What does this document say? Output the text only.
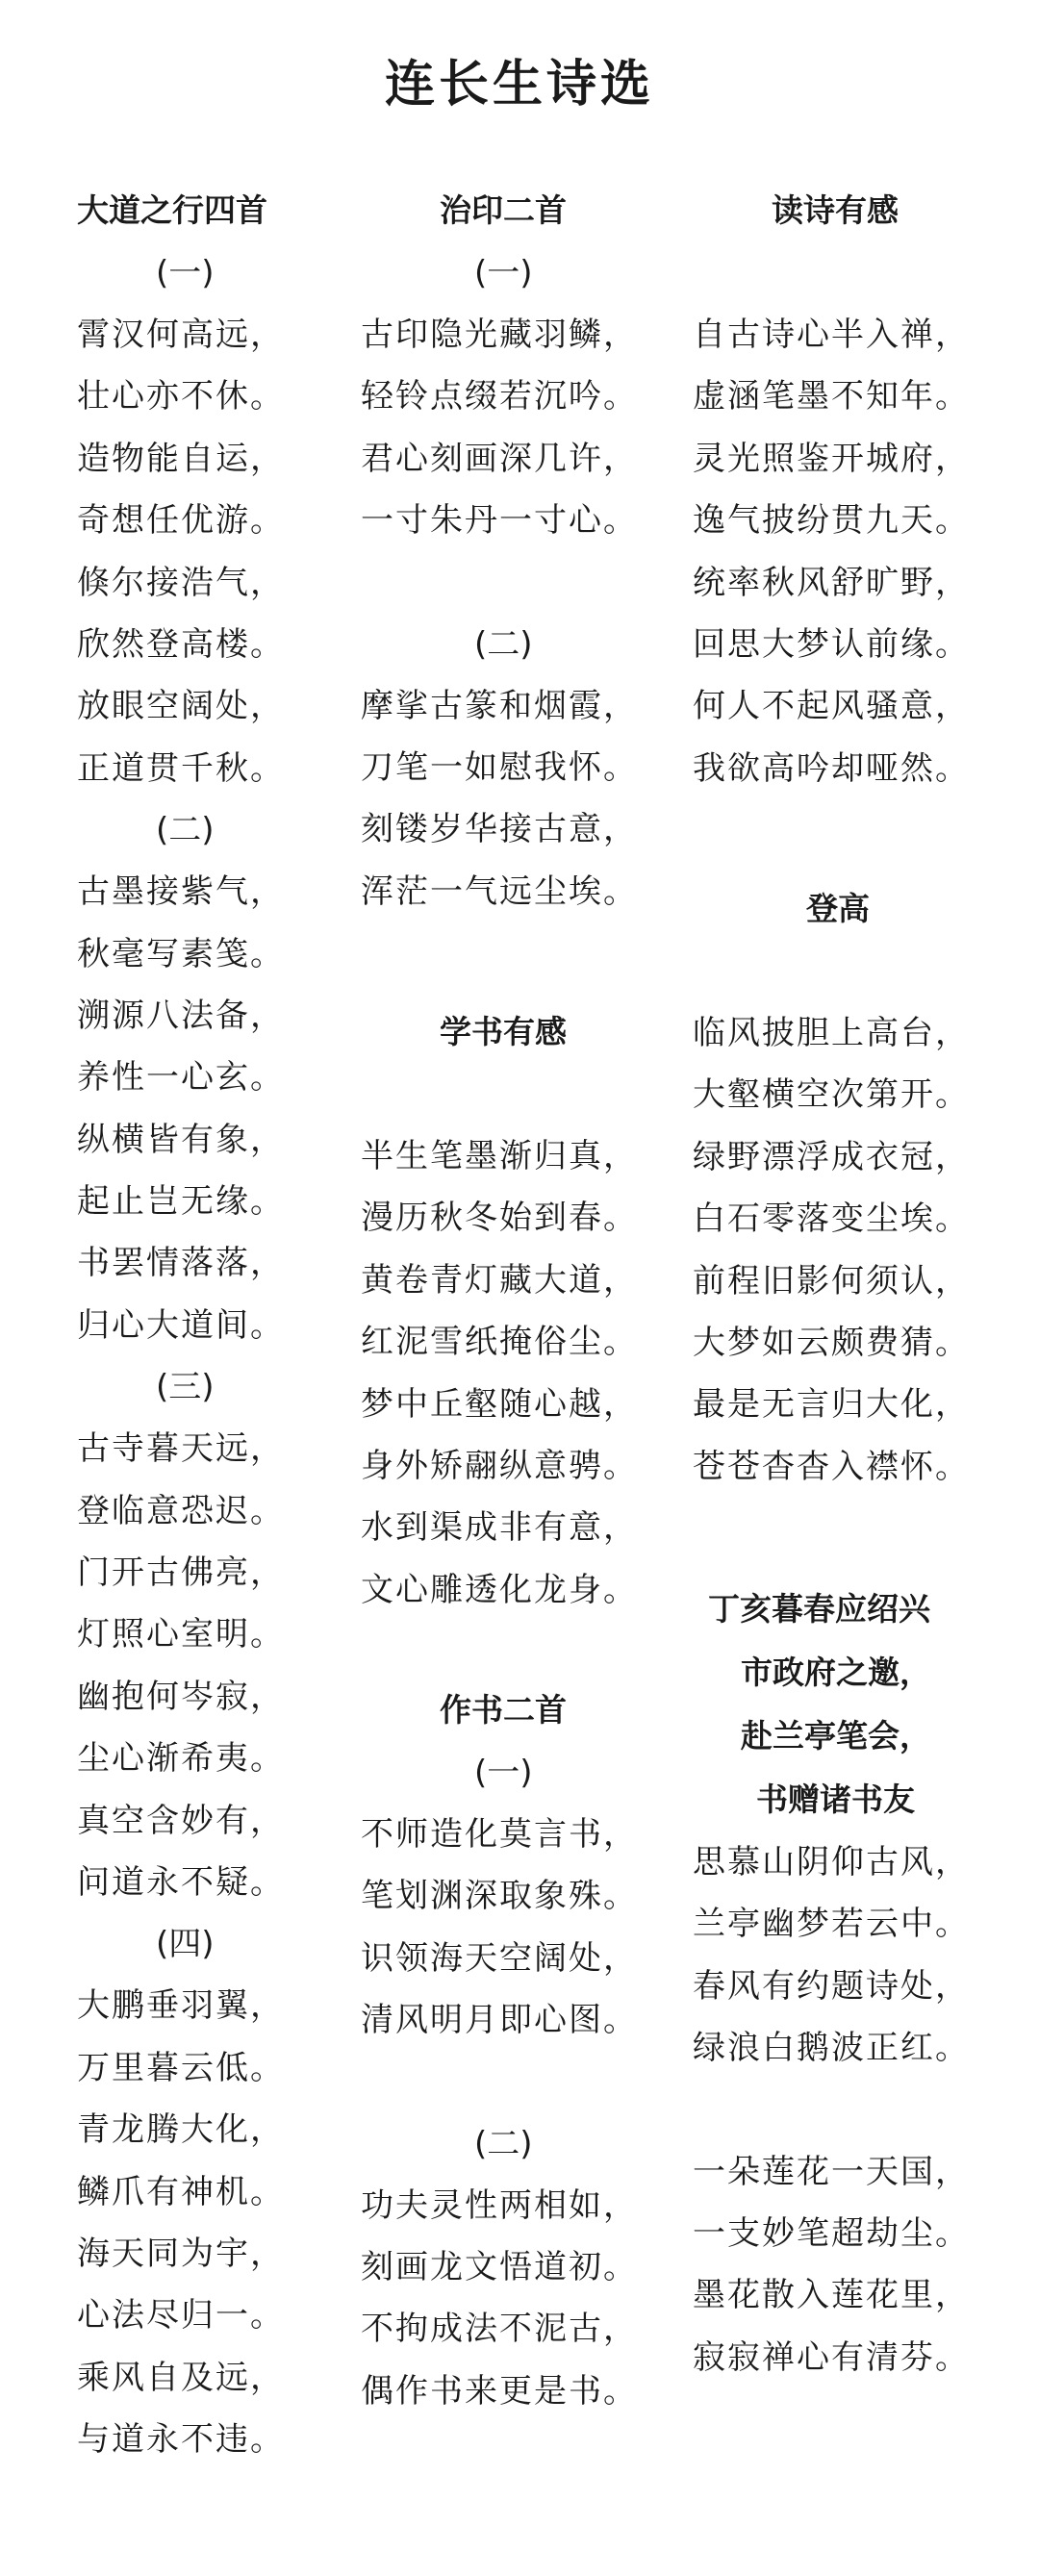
连长生诗选
大道之行四首
(一)
霄汉何高远，
壮心亦不休。
造物能自运，
奇想任优游。
倏尔接浩气，
欣然登高楼。
放眼空阔处，
正道贯千秋。
(二)
古墨接紫气，
秋毫写素笺。
溯源八法备，
养性一心玄。
纵横皆有象，
起止岂无缘。
书罢情落落，
归心大道间。
(三)
古寺暮天远，
登临意恐迟。
门开古佛亮，
灯照心室明。
幽抱何岑寂，
尘心渐希夷。
真空含妙有，
问道永不疑。
(四)
大鹏垂羽翼，
万里暮云低。
青龙腾大化，
鳞爪有神机。
海天同为宇，
心法尽归一。
乘风自及远，
与道永不违。
治印二首
(一)
古印隐光藏羽鳞，
轻铃点缀若沉吟。
君心刻画深几许，
一寸朱丹一寸心。
(二)
摩挲古篆和烟霞，
刀笔一如慰我怀。
刻镂岁华接古意，
浑茫一气远尘埃。
学书有感
半生笔墨渐归真，
漫历秋冬始到春。
黄卷青灯藏大道，
红泥雪纸掩俗尘。
梦中丘壑随心越，
身外矫翮纵意骋。
水到渠成非有意，
文心雕透化龙身。
作书二首
(一)
不师造化莫言书，
笔划渊深取象殊。
识领海天空阔处，
清风明月即心图。
(二)
功夫灵性两相如，
刻画龙文悟道初。
不拘成法不泥古，
偶作书来更是书。
读诗有感
自古诗心半入禅，
虚涵笔墨不知年。
灵光照鉴开城府，
逸气披纷贯九天。
统率秋风舒旷野，
回思大梦认前缘。
何人不起风骚意，
我欲高吟却哑然。
登高
临风披胆上高台，
大壑横空次第开。
绿野漂浮成衣冠，
白石零落变尘埃。
前程旧影何须认，
大梦如云颇费猜。
最是无言归大化，
苍苍杳杳入襟怀。
丁亥暮春应绍兴
市政府之邀，
赴兰亭笔会，
书赠诸书友
思慕山阴仰古风，
兰亭幽梦若云中。
春风有约题诗处，
绿浪白鹅波正红。
一朵莲花一天国，
一支妙笔超劫尘。
墨花散入莲花里，
寂寂禅心有清芬。
